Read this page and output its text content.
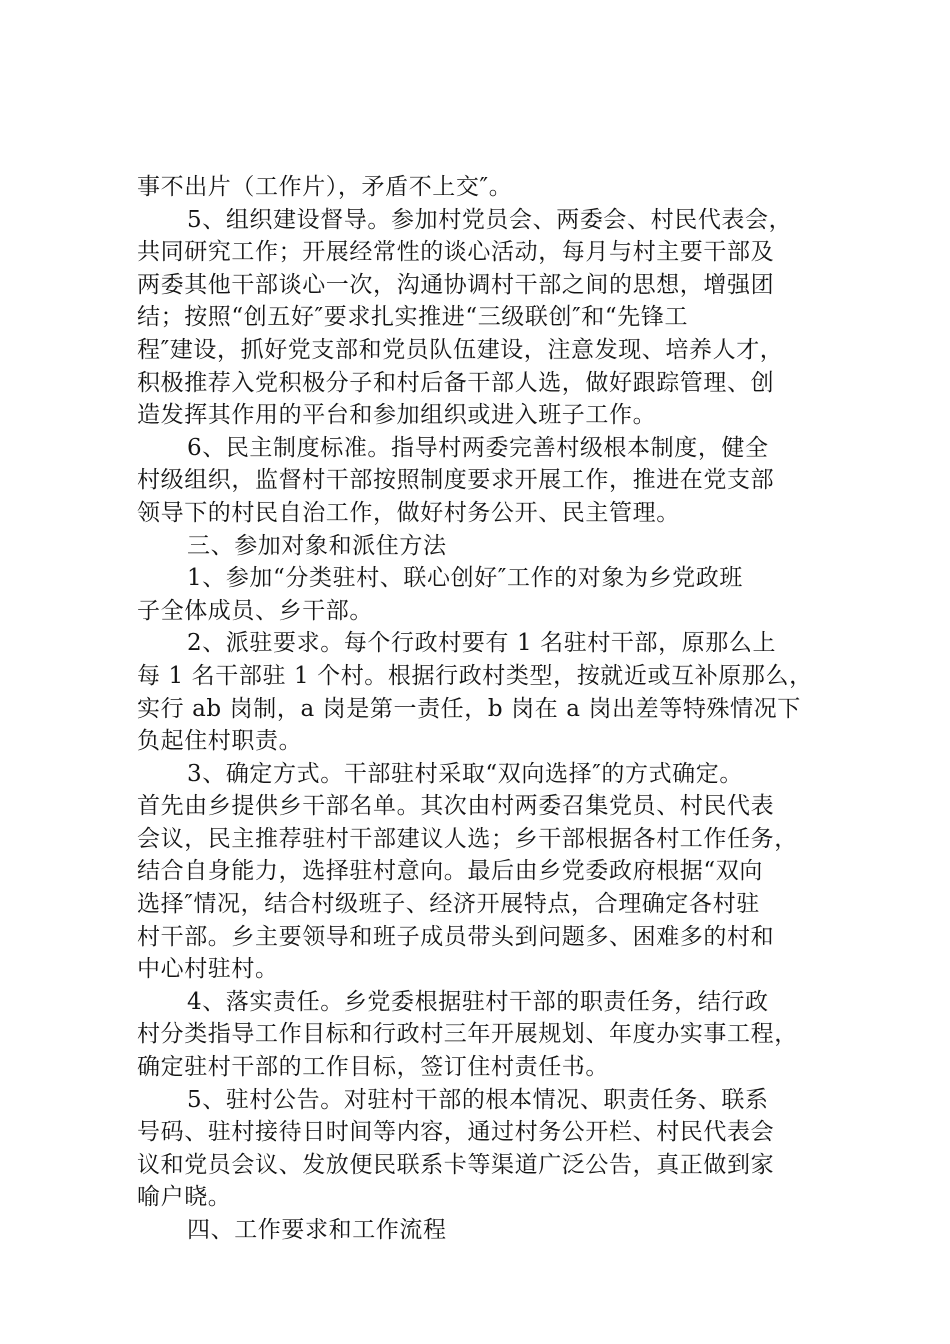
事不出片（工作片），矛盾不上交″。
5、组织建设督导。参加村党员会、两委会、村民代表会，
共同研究工作；开展经常性的谈心活动，每月与村主要干部及
两委其他干部谈心一次，沟通协调村干部之间的思想，增强团
结；按照“创五好″要求扎实推进“三级联创″和“先锋工
程″建设，抓好党支部和党员队伍建设，注意发现、培养人才，
积极推荐入党积极分子和村后备干部人选，做好跟踪管理、创
造发挥其作用的平台和参加组织或进入班子工作。
6、民主制度标准。指导村两委完善村级根本制度，健全
村级组织，监督村干部按照制度要求开展工作，推进在党支部
领导下的村民自治工作，做好村务公开、民主管理。
三、参加对象和派住方法
1、参加“分类驻村、联心创好″工作的对象为乡党政班
子全体成员、乡干部。
2、派驻要求。每个行政村要有 1 名驻村干部，原那么上
每 1 名干部驻 1 个村。根据行政村类型，按就近或互补原那么，
实行 ab 岗制，a 岗是第一责任，b 岗在 a 岗出差等特殊情况下
负起住村职责。
3、确定方式。干部驻村采取“双向选择″的方式确定。
首先由乡提供乡干部名单。其次由村两委召集党员、村民代表
会议，民主推荐驻村干部建议人选；乡干部根据各村工作任务，
结合自身能力，选择驻村意向。最后由乡党委政府根据“双向
选择″情况，结合村级班子、经济开展特点，合理确定各村驻
村干部。乡主要领导和班子成员带头到问题多、困难多的村和
中心村驻村。
4、落实责任。乡党委根据驻村干部的职责任务，结行政
村分类指导工作目标和行政村三年开展规划、年度办实事工程，
确定驻村干部的工作目标，签订住村责任书。
5、驻村公告。对驻村干部的根本情况、职责任务、联系
号码、驻村接待日时间等内容，通过村务公开栏、村民代表会
议和党员会议、发放便民联系卡等渠道广泛公告，真正做到家
喻户晓。
四、工作要求和工作流程
